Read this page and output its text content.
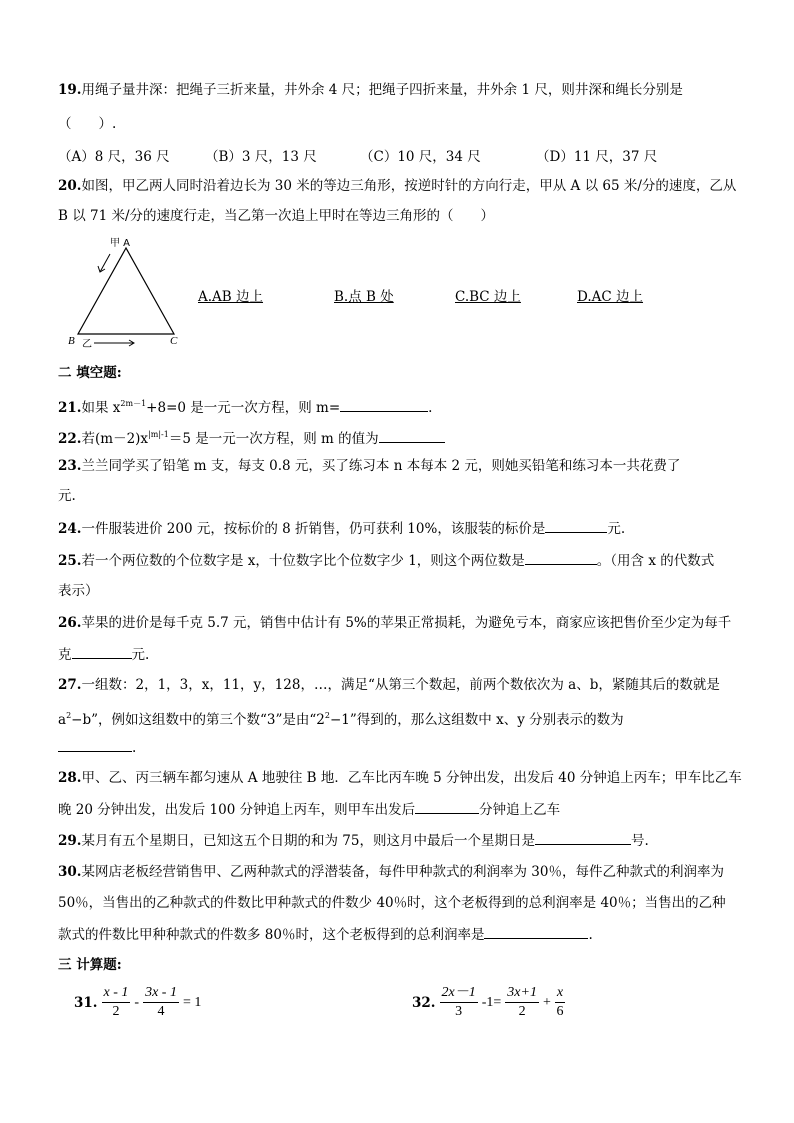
19.用绳子量井深：把绳子三折来量，井外余 4 尺；把绳子四折来量，井外余 1 尺，则井深和绳长分别是
（　　）.
（A）8 尺，36 尺	（B）3 尺，13 尺	（C）10 尺，34 尺	（D）11 尺，37 尺
20.如图，甲乙两人同时沿着边长为 30 米的等边三角形，按逆时针的方向行走，甲从 A 以 65 米/分的速度，乙从
B 以 71 米/分的速度行走，当乙第一次追上甲时在等边三角形的（　　）
甲 A
B	C
乙
A.AB 边上	B.点 B 处	C.BC 边上	D.AC 边上
二 填空题:
21.如果 $x^{2m-1}+8=0$ 是一元一次方程，则 m=	.
22.若$(m-2)x^{|m|-1}=5$ 是一元一次方程，则 m 的值为
23.兰兰同学买了铅笔 m 支，每支 0.8 元，买了练习本 n 本每本 2 元，则她买铅笔和练习本一共花费了
元.
24.一件服装进价 200 元，按标价的 8 折销售，仍可获利 10%，该服装的标价是	元.
25.若一个两位数的个位数字是 x，十位数字比个位数字少 1，则这个两位数是	。（用含 x 的代数式
表示）
26.苹果的进价是每千克 5.7 元，销售中估计有 5%的苹果正常损耗，为避免亏本，商家应该把售价至少定为每千
克	元.
27.一组数：2，1，3，x，11，y，128，…，满足“从第三个数起，前两个数依次为 a、b，紧随其后的数就是
$a^2-b$”，例如这组数中的第三个数“3”是由“$2^2-1$”得到的，那么这组数中 x、y 分别表示的数为
.
28.甲、乙、丙三辆车都匀速从 A 地驶往 B 地．乙车比丙车晚 5 分钟出发，出发后 40 分钟追上丙车；甲车比乙车
晚 20 分钟出发，出发后 100 分钟追上丙车，则甲车出发后	分钟追上乙车
29.某月有五个星期日，已知这五个日期的和为 75，则这月中最后一个星期日是	号.
30.某网店老板经营销售甲、乙两种款式的浮潜装备，每件甲种款式的利润率为 30％，每件乙种款式的利润率为
50％，当售出的乙种款式的件数比甲种款式的件数少 40％时，这个老板得到的总利润率是 40％；当售出的乙种
款式的件数比甲种种款式的件数多 80％时，这个老板得到的总利润率是	.
三 计算题:
31. $\frac{x - 1}{2} - \frac{3x - 1}{4} = 1$	32. $\frac{2x-1}{3} -1= \frac{3x+1}{2} + \frac{x}{6}$
